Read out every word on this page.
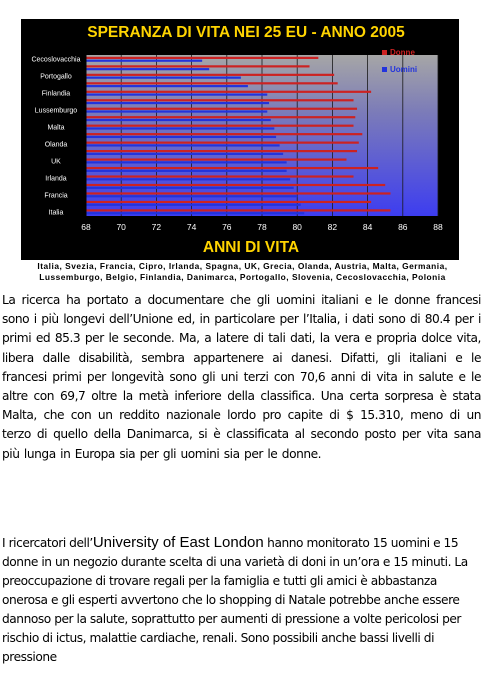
SPERANZA DI VITA NEI 25 EU - ANNO 2005
68	70	72	74	76	78	80	82	84	86	88
Cecoslovacchia
Portogallo
Finlandia
Lussemburgo
Malta
Olanda
UK
Irlanda
Francia
Italia
Donne
Uomini
ANNI DI VITA
Italia, Svezia, Francia, Cipro, Irlanda, Spagna, UK, Grecia, Olanda, Austria, Malta, Germania, Lussemburgo, Belgio, Finlandia, Danimarca, Portogallo, Slovenia, Cecoslovacchia, Polonia

La ricerca ha portato a documentare che gli uomini italiani e le donne francesi sono i più longevi dell’Unione ed, in particolare per l’Italia, i dati sono di 80.4 per i primi ed 85.3 per le seconde. Ma, a latere di tali dati, la vera e propria dolce vita, libera dalle disabilità, sembra appartenere ai danesi. Difatti, gli italiani e le francesi primi per longevità sono gli uni terzi con 70,6 anni di vita in salute e le altre con 69,7 oltre la metà inferiore della classifica. Una certa sorpresa è stata Malta, che con un reddito nazionale lordo pro capite di $ 15.310, meno di un terzo di quello della Danimarca, si è classificata al secondo posto per vita sana più lunga in Europa sia per gli uomini sia per le donne.

I ricercatori dell’University of East London hanno monitorato 15 uomini e 15 donne in un negozio durante scelta di una varietà di doni in un’ora e 15 minuti. La preoccupazione di trovare regali per la famiglia e tutti gli amici è abbastanza onerosa e gli esperti avvertono che lo shopping di Natale potrebbe anche essere dannoso per la salute, soprattutto per aumenti di pressione a volte pericolosi per rischio di ictus, malattie cardiache, renali. Sono possibili anche bassi livelli di pressione
